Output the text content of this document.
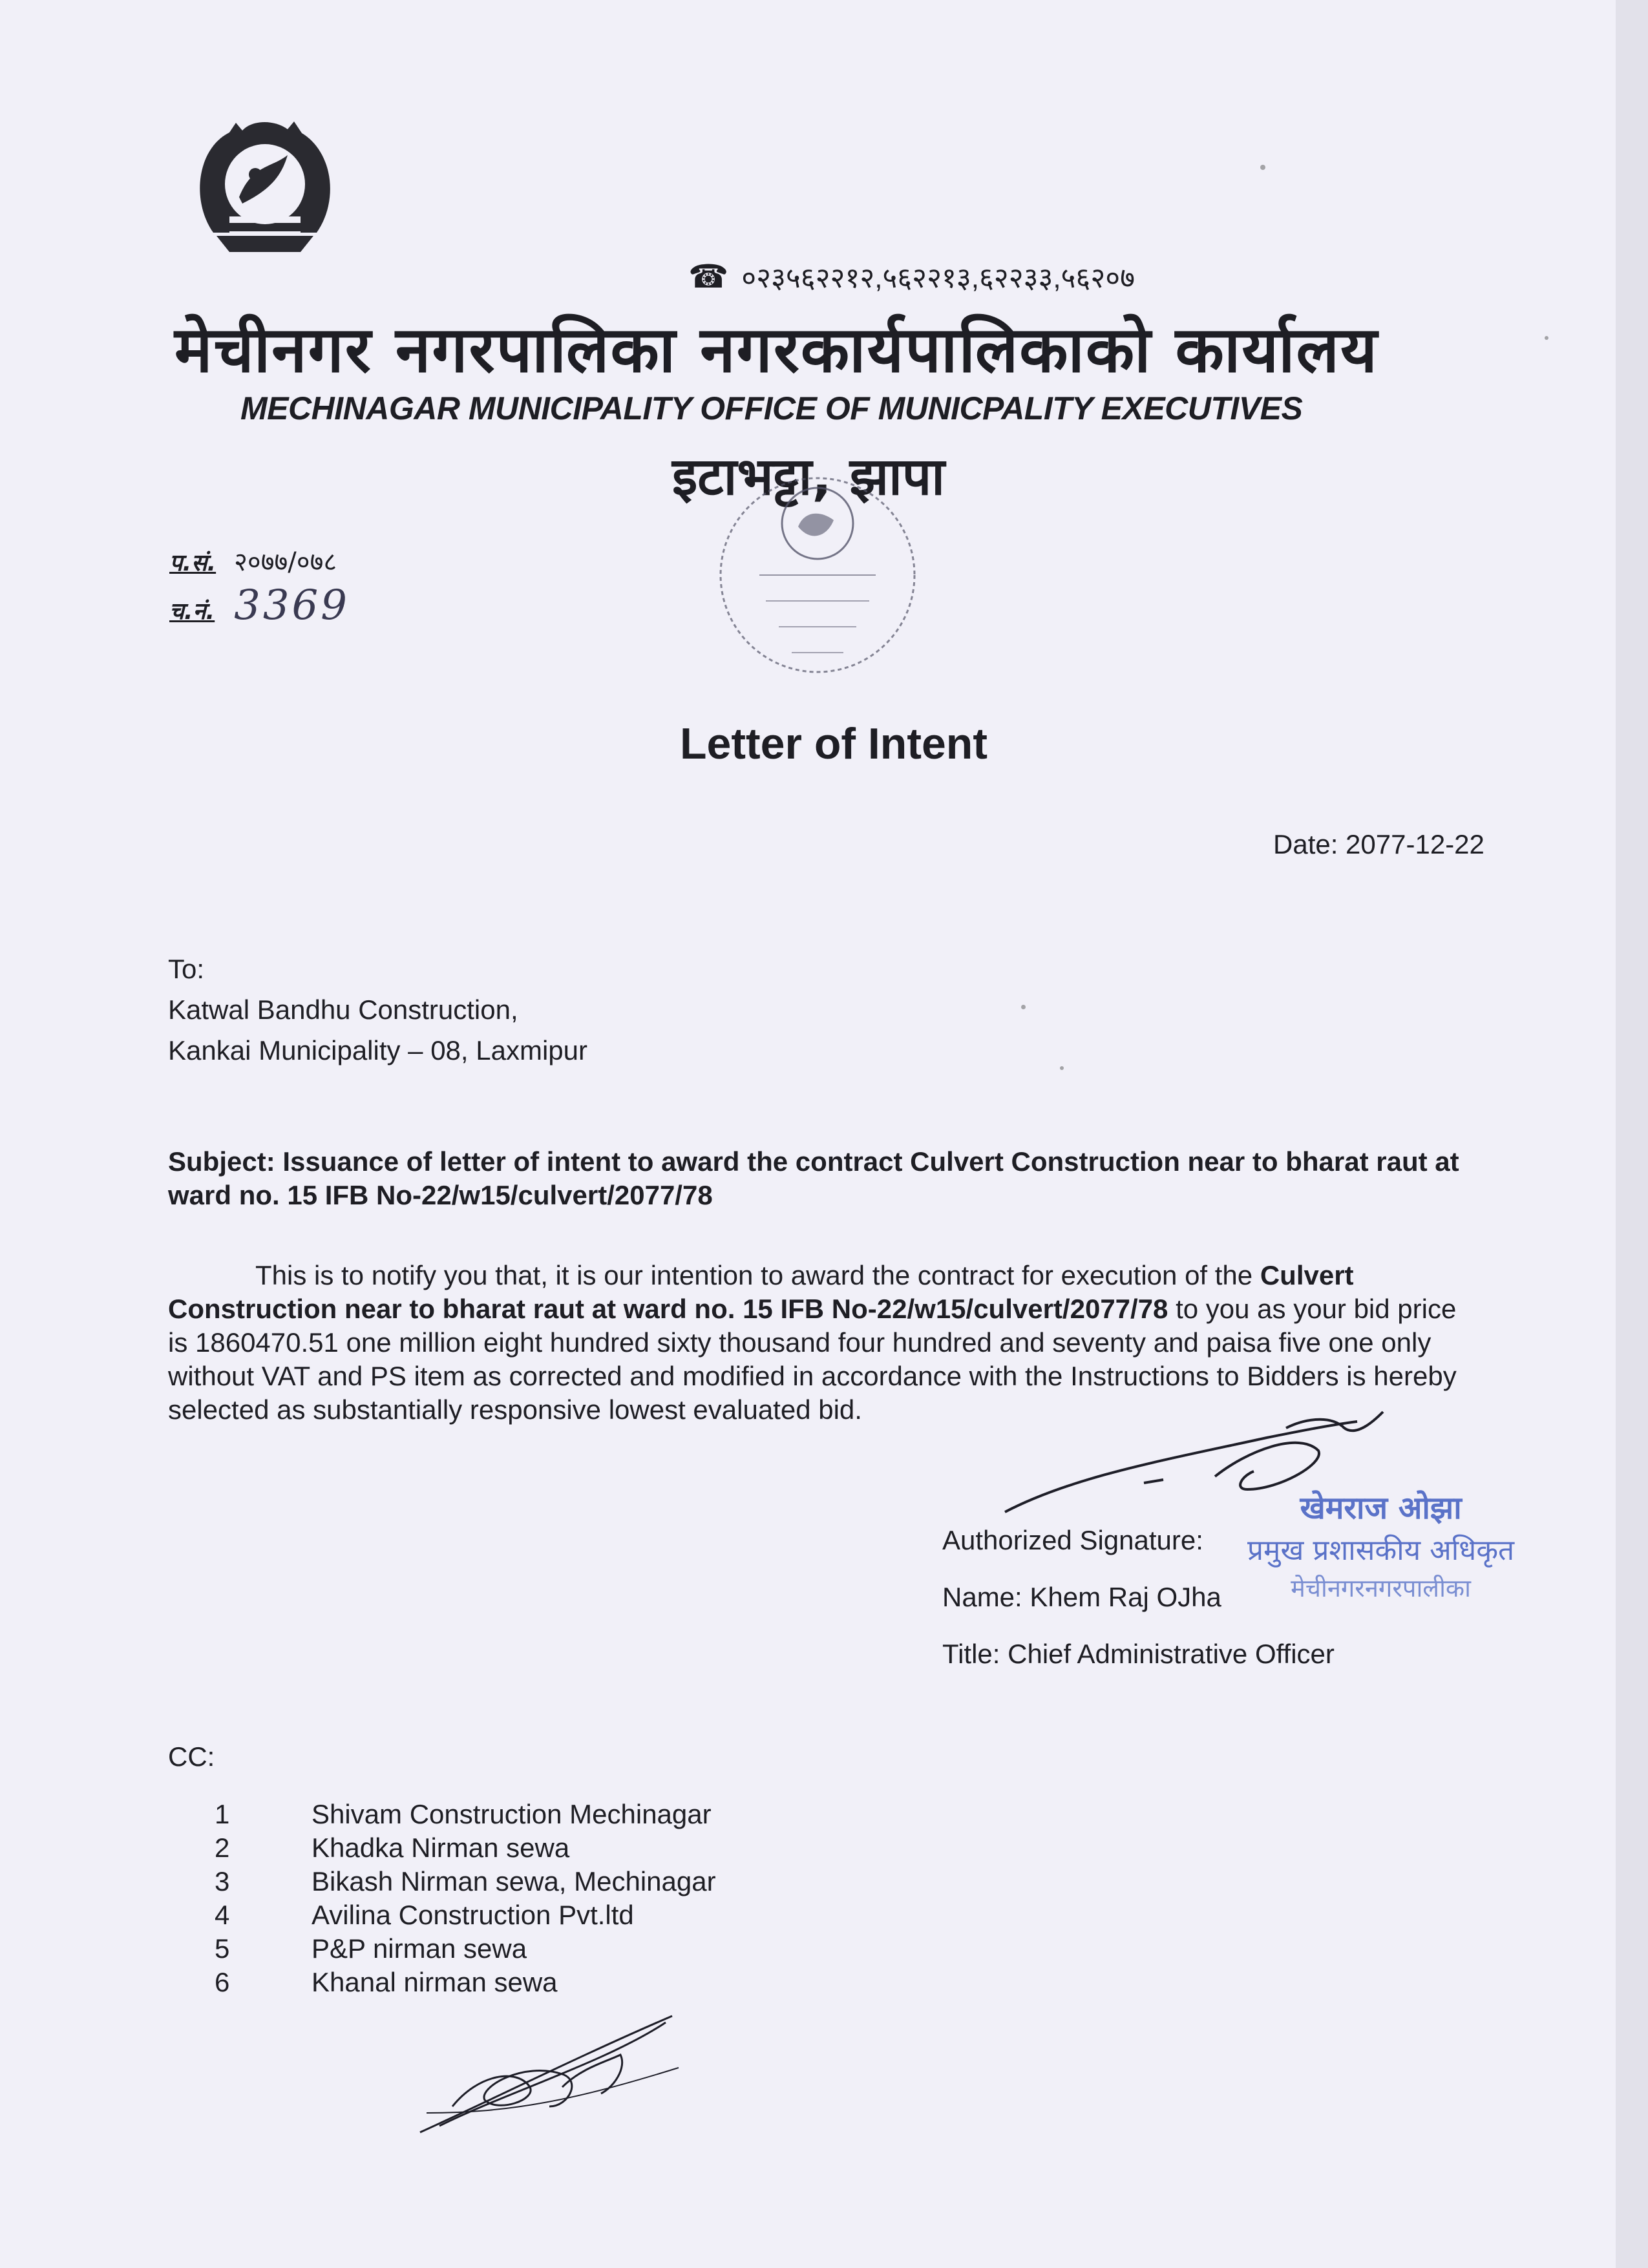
☎ ०२३५६२२१२,५६२२१३,६२२३३,५६२०७
मेचीनगर नगरपालिका नगरकार्यपालिकाको कार्यालय
MECHINAGAR MUNICIPALITY OFFICE OF MUNICPALITY EXECUTIVES
इटाभट्टा, झापा
प.सं. २०७७/०७८
च.नं. 3369
Letter of Intent
Date: 2077-12-22
To:
Katwal Bandhu Construction,
Kankai Municipality – 08, Laxmipur
Subject: Issuance of letter of intent to award the contract Culvert Construction near to bharat raut at ward no. 15 IFB No-22/w15/culvert/2077/78
This is to notify you that, it is our intention to award the contract for execution of the Culvert Construction near to bharat raut at ward no. 15 IFB No-22/w15/culvert/2077/78 to you as your bid price is 1860470.51 one million eight hundred sixty thousand four hundred and seventy and paisa five one only without VAT and PS item as corrected and modified in accordance with the Instructions to Bidders is hereby selected as substantially responsive lowest evaluated bid.
Authorized Signature:
Name: Khem Raj OJha
Title: Chief Administrative Officer
खेमराज ओझा
प्रमुख प्रशासकीय अधिकृत
मेचीनगरनगरपालीका
CC:
1	Shivam Construction Mechinagar
2	Khadka Nirman sewa
3	Bikash Nirman sewa, Mechinagar
4	Avilina Construction Pvt.ltd
5	P&P nirman sewa
6	Khanal nirman sewa
